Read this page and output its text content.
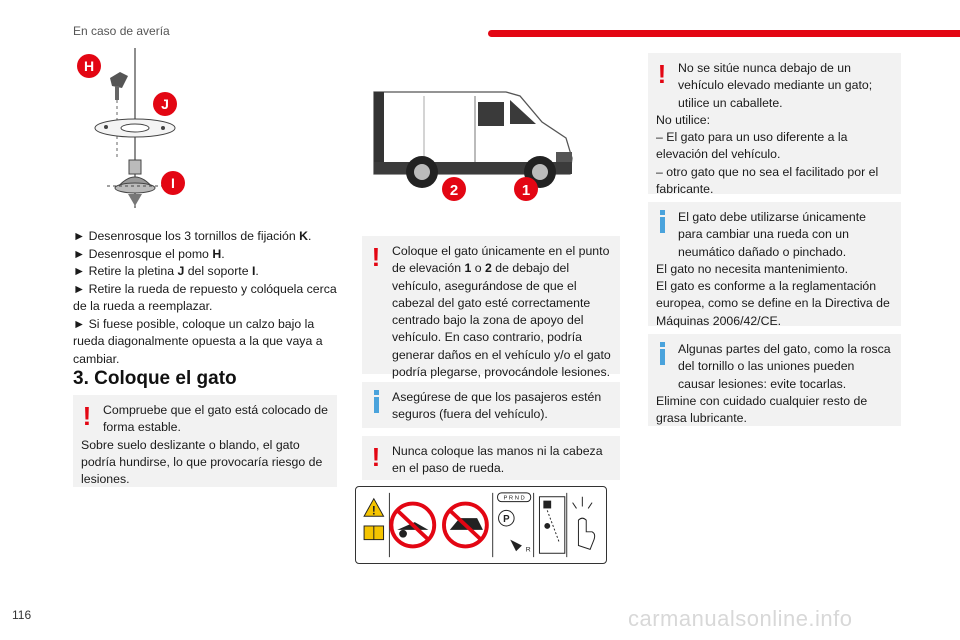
En caso de avería
H
J
I	2	1

► Desenrosque los 3 tornillos de fijación K.

► Desenrosque el pomo H.

► Retire la pletina J del soporte I.

► Retire la rueda de repuesto y colóquela cerca de la rueda a reemplazar.

► Si fuese posible, coloque un calzo bajo la rueda diagonalmente opuesta a la que vaya a cambiar.

3. Coloque el gato
! Compruebe que el gato está colocado de forma estable.

Sobre suelo deslizante o blando, el gato podría hundirse, lo que provocaría riesgo de lesiones.

! Coloque el gato únicamente en el punto de elevación 1 o 2 de debajo del vehículo, asegurándose de que el cabezal del gato esté correctamente centrado bajo la zona de apoyo del vehículo. En caso contrario, podría generar daños en el vehículo y/o el gato podría plegarse, provocándole lesiones.

Asegúrese de que los pasajeros estén seguros (fuera del vehículo).

! Nunca coloque las manos ni la cabeza en el paso de rueda.

!
P R N D
P
R
! No se sitúe nunca debajo de un vehículo elevado mediante un gato; utilice un caballete.

No utilice:

– El gato para un uso diferente a la elevación del vehículo.

– otro gato que no sea el facilitado por el fabricante.

El gato debe utilizarse únicamente para cambiar una rueda con un neumático dañado o pinchado.

El gato no necesita mantenimiento.

El gato es conforme a la reglamentación europea, como se define en la Directiva de Máquinas 2006/42/CE.

Algunas partes del gato, como la rosca del tornillo o las uniones pueden causar lesiones: evite tocarlas.

Elimine con cuidado cualquier resto de grasa lubricante.

116	carmanualsonline.info
